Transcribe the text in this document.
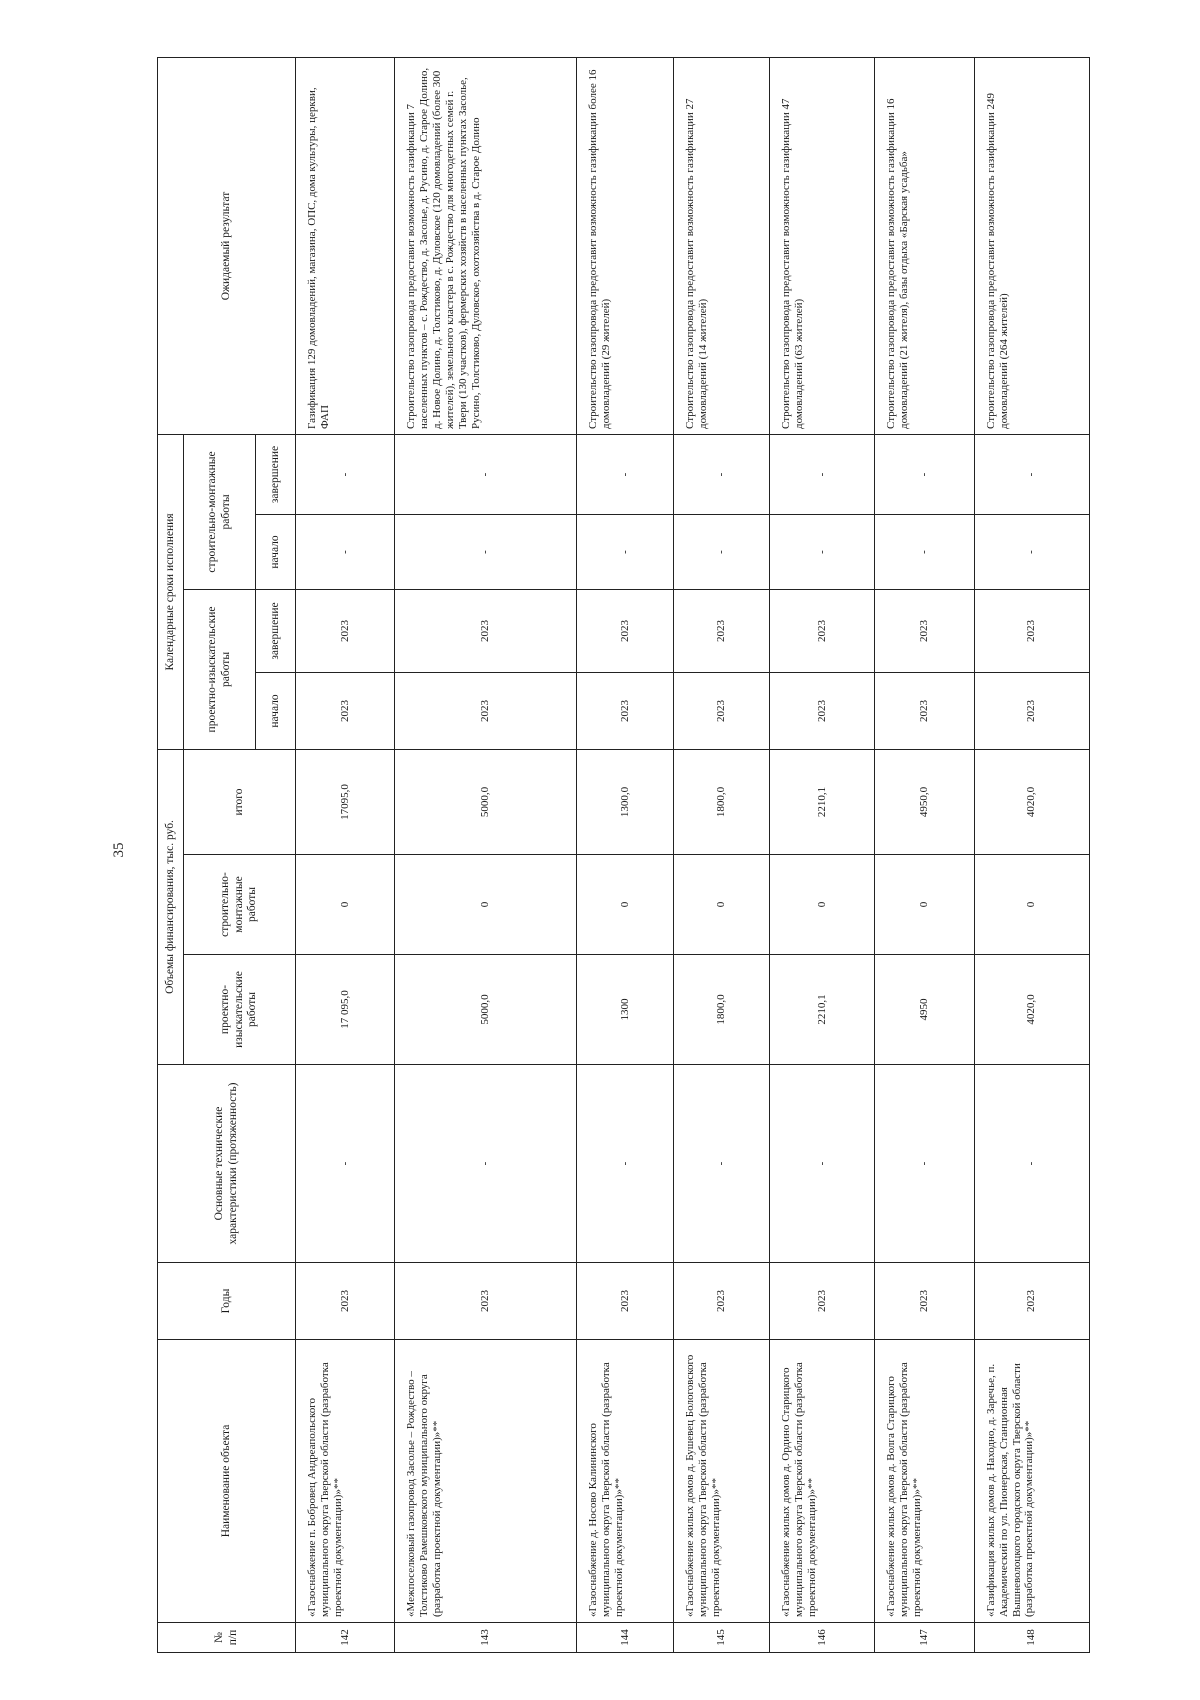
35
№ п/п	Наименование объекта	Годы	Основные технические характеристики (протяженность)	Объемы финансирования, тыс. руб.			Календарные сроки исполнения				Ожидаемый результат
				проектно-изыскательские работы	строительно-монтажные работы	итого	проектно-изыскательские работы		строительно-монтажные работы		
							начало	завершение	начало	завершение	
142	«Газоснабжение п. Бобровец Андреапольского муниципального округа Тверской области (разработка проектной документации)»**	2023	-	17 095,0	0	17095,0	2023	2023	-	-	Газификация 129 домовладений, магазина, ОПС, дома культуры, церкви, ФАП
143	«Межпоселковый газопровод Засолье – Рождество – Толстиково Рамешковского муниципального округа (разработка проектной документации)»**	2023	-	5000,0	0	5000,0	2023	2023	-	-	Строительство газопровода предоставит возможность газификации 7 населенных пунктов – с. Рождество, д. Засолье, д. Русино, д. Старое Долино, д. Новое Долино, д. Толстиково, д. Дуловское (120 домовладений (более 300 жителей), земельного кластера в с. Рождество для многодетных семей г. Твери (130 участков), фермерских хозяйств в населенных пунктах Засолье, Русино, Толстиково, Дуловское, охотхозяйства в д. Старое Долино
144	«Газоснабжение д. Носово Калининского муниципального округа Тверской области (разработка проектной документации)»**	2023	-	1300	0	1300,0	2023	2023	-	-	Строительство газопровода предоставит возможность газификации более 16 домовладений (29 жителей)
145	«Газоснабжение жилых домов д. Бушевец Бологовского муниципального округа Тверской области (разработка проектной документации)»**	2023	-	1800,0	0	1800,0	2023	2023	-	-	Строительство газопровода предоставит возможность газификации 27 домовладений (14 жителей)
146	«Газоснабжение жилых домов д. Ордино Старицкого муниципального округа Тверской области (разработка проектной документации)»**	2023	-	2210,1	0	2210,1	2023	2023	-	-	Строительство газопровода предоставит возможность газификации 47 домовладений (63 жителей)
147	«Газоснабжение жилых домов д. Волга Старицкого муниципального округа Тверской области (разработка проектной документации)»**	2023	-	4950	0	4950,0	2023	2023	-	-	Строительство газопровода предоставит возможность газификации 16 домовладений (21 жителя), базы отдыха «Барская усадьба»
148	«Газификация жилых домов д. Находно, д. Заречье, п. Академический по ул. Пионерская, Станционная Вышневолоцкого городского округа Тверской области (разработка проектной документации)»**	2023	-	4020,0	0	4020,0	2023	2023	-	-	Строительство газопровода предоставит возможность газификации 249 домовладений (264 жителей)
